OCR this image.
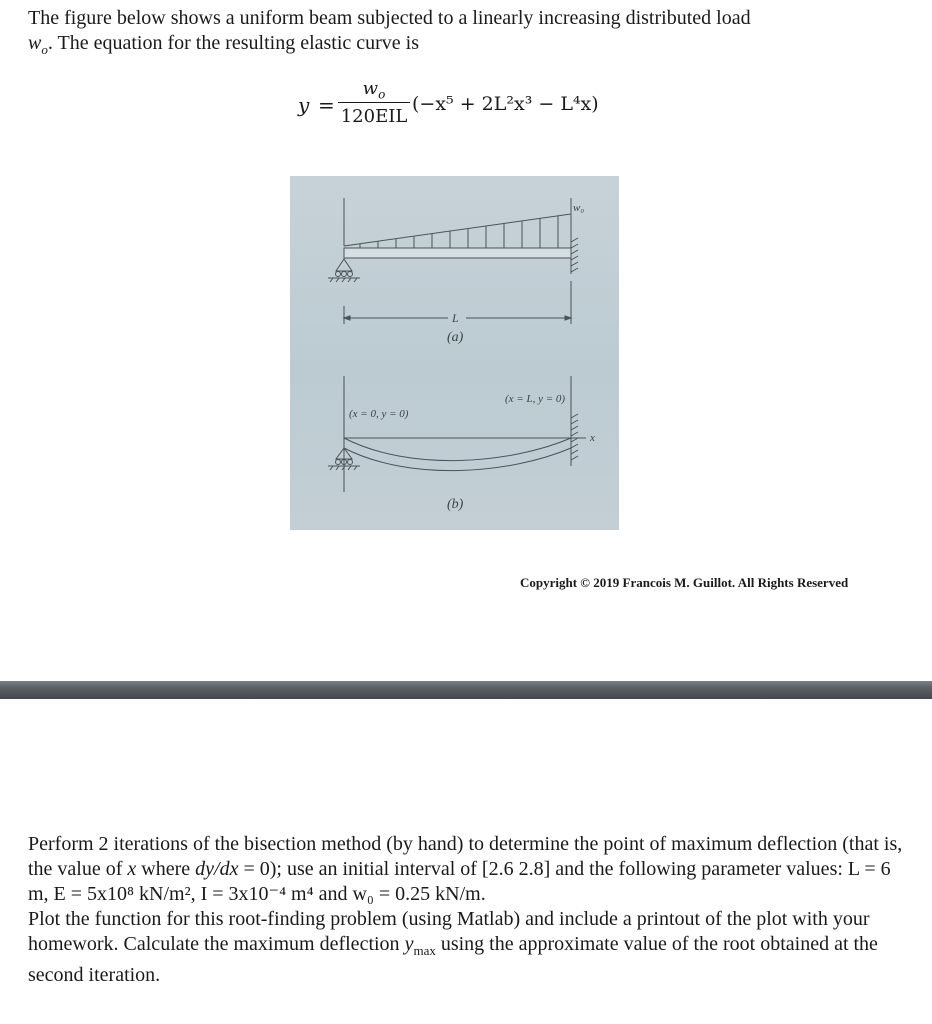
The figure below shows a uniform beam subjected to a linearly increasing distributed load
$w_o$. The equation for the resulting elastic curve is
y =
$w_o$
120EIL
(−x⁵ + 2L²x³ − L⁴x)
w₀
L
(a)
(x = 0, y = 0)
(x = L, y = 0)
x
(b)
Copyright © 2019 Francois M. Guillot. All Rights Reserved

Perform 2 iterations of the bisection method (by hand) to determine the point of maximum deflection (that is, the value of x where dy/dx = 0); use an initial interval of [2.6 2.8] and the following parameter values: L = 6 m, E = 5x10⁸ kN/m², I = 3x10⁻⁴ m⁴ and w₀ = 0.25 kN/m.

Plot the function for this root-finding problem (using Matlab) and include a printout of the plot with your homework. Calculate the maximum deflection $y_{max}$ using the approximate value of the root obtained at the second iteration.
